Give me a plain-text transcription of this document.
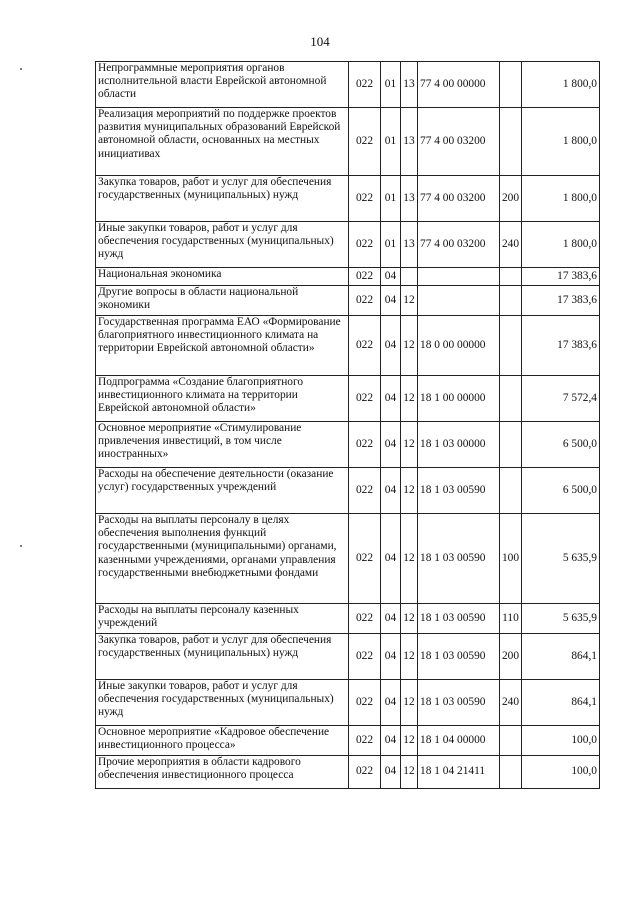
104
Непрограммные мероприятия органов исполнительной власти Еврейской автономной области	022	01	13	77 4 00 00000		1 800,0
Реализация мероприятий по поддержке проектов развития муниципальных образований Еврейской автономной области, основанных на местных инициативах	022	01	13	77 4 00 03200		1 800,0
Закупка товаров, работ и услуг для обеспечения государственных (муниципальных) нужд	022	01	13	77 4 00 03200	200	1 800,0
Иные закупки товаров, работ и услуг для обеспечения государственных (муниципальных) нужд	022	01	13	77 4 00 03200	240	1 800,0
Национальная экономика	022	04				17 383,6
Другие вопросы в области национальной экономики	022	04	12			17 383,6
Государственная программа ЕАО «Формирование благоприятного инвестиционного климата на территории Еврейской автономной области»	022	04	12	18 0 00 00000		17 383,6
Подпрограмма «Создание благоприятного инвестиционного климата на территории Еврейской автономной области»	022	04	12	18 1 00 00000		7 572,4
Основное мероприятие «Стимулирование привлечения инвестиций, в том числе иностранных»	022	04	12	18 1 03 00000		6 500,0
Расходы на обеспечение деятельности (оказание услуг) государственных учреждений	022	04	12	18 1 03 00590		6 500,0
Расходы на выплаты персоналу в целях обеспечения выполнения функций государственными (муниципальными) органами, казенными учреждениями, органами управления государственными внебюджетными фондами	022	04	12	18 1 03 00590	100	5 635,9
Расходы на выплаты персоналу казенных учреждений	022	04	12	18 1 03 00590	110	5 635,9
Закупка товаров, работ и услуг для обеспечения государственных (муниципальных) нужд	022	04	12	18 1 03 00590	200	864,1
Иные закупки товаров, работ и услуг для обеспечения государственных (муниципальных) нужд	022	04	12	18 1 03 00590	240	864,1
Основное мероприятие «Кадровое обеспечение инвестиционного процесса»	022	04	12	18 1 04 00000		100,0
Прочие мероприятия в области кадрового обеспечения инвестиционного процесса	022	04	12	18 1 04 21411		100,0
